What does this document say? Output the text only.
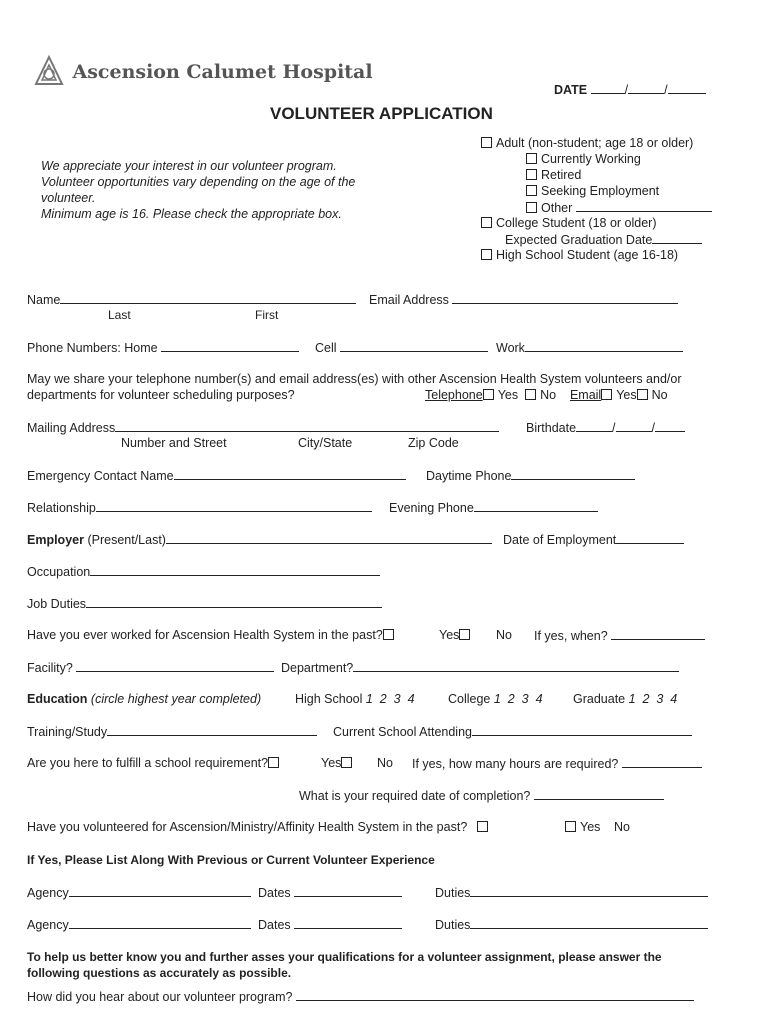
Ascension Calumet Hospital
DATE	/	/
VOLUNTEER APPLICATION
We appreciate your interest in our volunteer program.
Volunteer opportunities vary depending on the age of the
volunteer.
Minimum age is 16. Please check the appropriate box.
Adult (non-student; age 18 or older)
Currently Working
Retired
Seeking Employment
Other
College Student (18 or older)
Expected Graduation Date
High School Student (age 16-18)
Name	Email Address
Last	First
Phone Numbers: Home	Cell	Work
May we share your telephone number(s) and email address(es) with other Ascension Health System volunteers and/or
departments for volunteer scheduling purposes?	Telephone Yes No Email Yes No
Mailing Address	Birthdate	/	/
Number and Street	City/State	Zip Code
Emergency Contact Name	Daytime Phone
Relationship	Evening Phone
Employer (Present/Last)	Date of Employment
Occupation
Job Duties
Have you ever worked for Ascension Health System in the past?	Yes	No If yes, when?
Facility?	Department?
Education (circle highest year completed)	High School 1  2  3  4	College 1  2  3  4 Graduate 1  2  3  4
Training/Study	Current School Attending
Are you here to fulfill a school requirement?	Yes	No If yes, how many hours are required?
What is your required date of completion?
Have you volunteered for Ascension/Ministry/Affinity Health System in the past?	Yes No
If Yes, Please List Along With Previous or Current Volunteer Experience
Agency	Dates	Duties
Agency	Dates	Duties
To help us better know you and further asses your qualifications for a volunteer assignment, please answer the
following questions as accurately as possible.
How did you hear about our volunteer program?
